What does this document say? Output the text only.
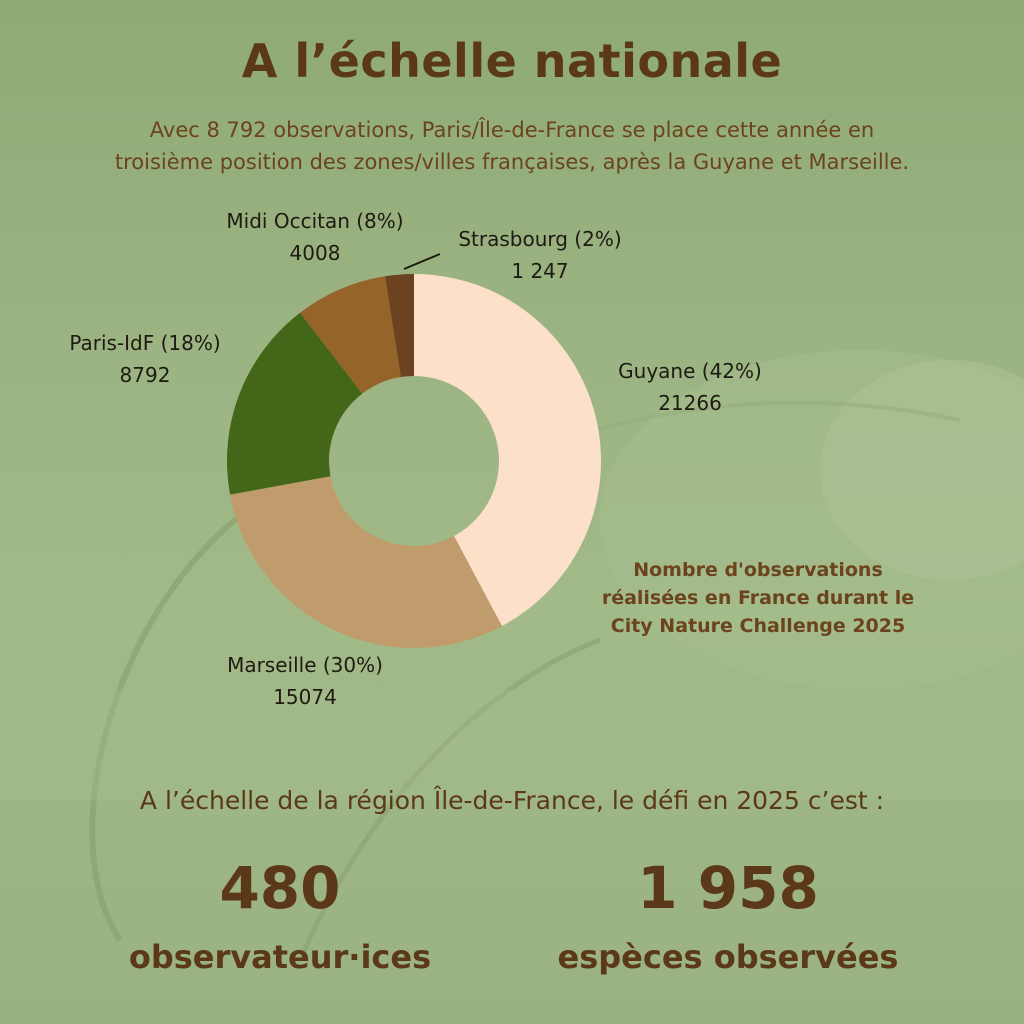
A l’échelle nationale
Avec 8 792 observations, Paris/Île-de-France se place cette année en
troisième position des zones/villes françaises, après la Guyane et Marseille.
Guyane (42%)
21266
Marseille (30%)
15074
Paris-IdF (18%)
8792
Midi Occitan (8%)
4008
Strasbourg (2%)
1 247
Nombre d'observations
réalisées en France durant le
City Nature Challenge 2025
A l’échelle de la région Île-de-France, le défi en 2025 c’est :
480
observateur·ices
1 958
espèces observées
